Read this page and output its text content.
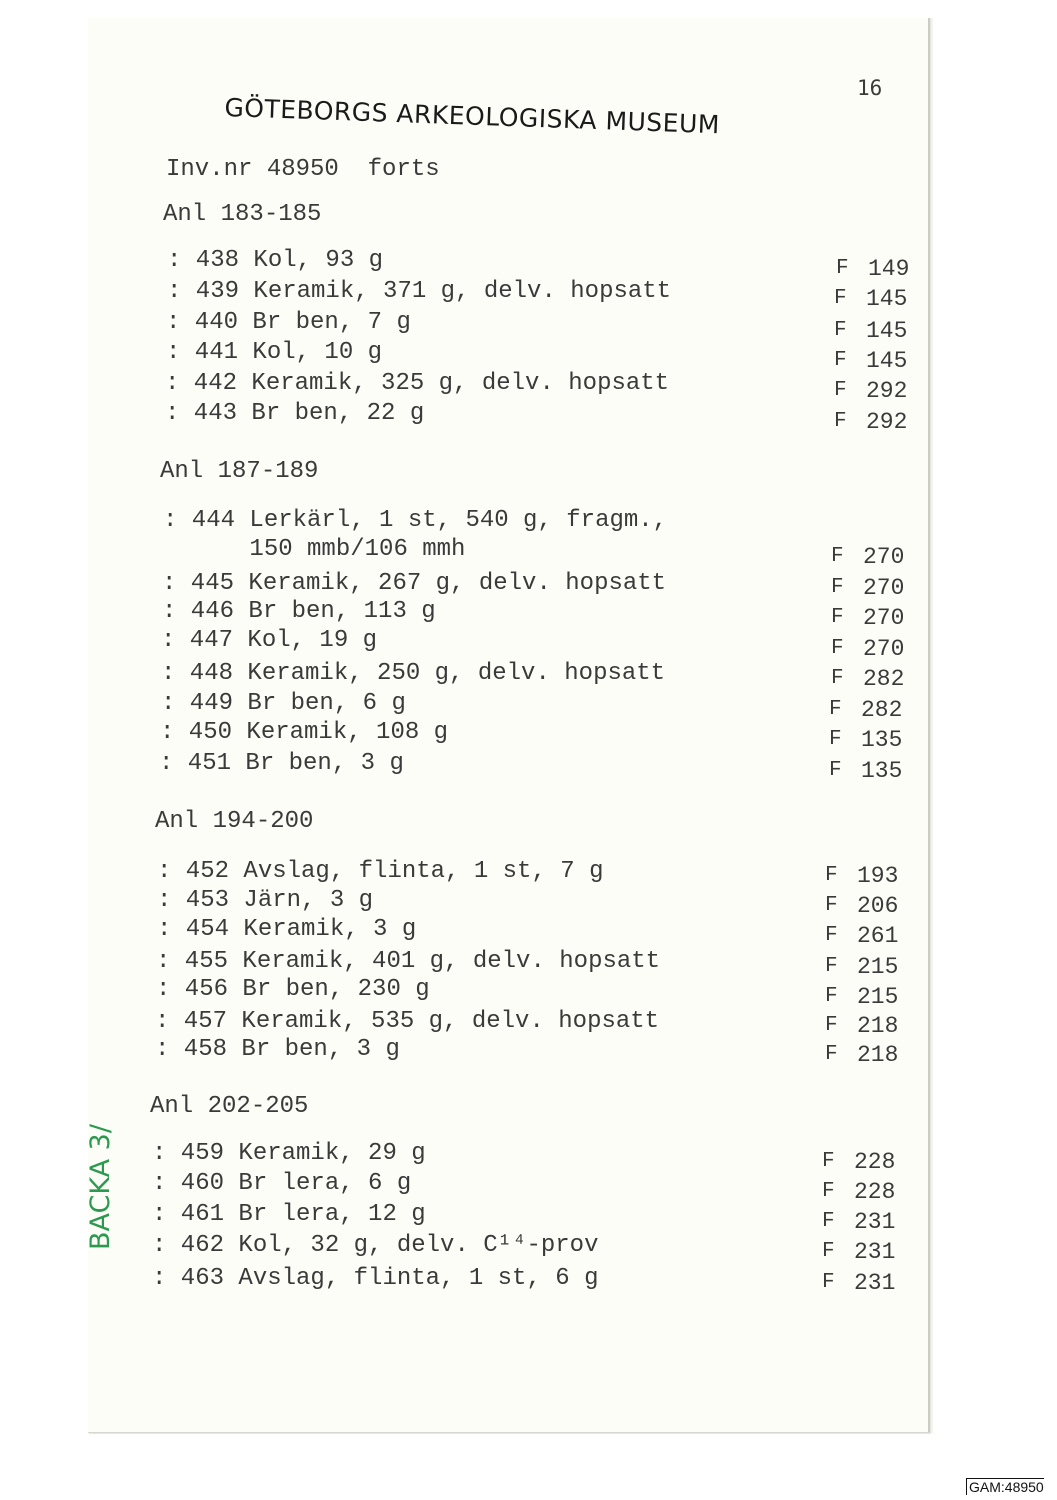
GÖTEBORGS ARKEOLOGISKA MUSEUM
16
Inv.nr 48950  forts
Anl 183-185
: 438 Kol, 93 g
: 439 Keramik, 371 g, delv. hopsatt
: 440 Br ben, 7 g
: 441 Kol, 10 g
: 442 Keramik, 325 g, delv. hopsatt
: 443 Br ben, 22 g
F 149
F 145
F 145
F 145
F 292
F 292
Anl 187-189
: 444 Lerkärl, 1 st, 540 g, fragm.,
150 mmb/106 mmh
: 445 Keramik, 267 g, delv. hopsatt
: 446 Br ben, 113 g
: 447 Kol, 19 g
: 448 Keramik, 250 g, delv. hopsatt
: 449 Br ben, 6 g
: 450 Keramik, 108 g
: 451 Br ben, 3 g
F 270
F 270
F 270
F 270
F 282
F 282
F 135
F 135
Anl 194-200
: 452 Avslag, flinta, 1 st, 7 g
: 453 Järn, 3 g
: 454 Keramik, 3 g
: 455 Keramik, 401 g, delv. hopsatt
: 456 Br ben, 230 g
: 457 Keramik, 535 g, delv. hopsatt
: 458 Br ben, 3 g
F 193
F 206
F 261
F 215
F 215
F 218
F 218
Anl 202-205
: 459 Keramik, 29 g
: 460 Br lera, 6 g
: 461 Br lera, 12 g
: 462 Kol, 32 g, delv. C¹⁴-prov
: 463 Avslag, flinta, 1 st, 6 g
F 228
F 228
F 231
F 231
F 231
BACKA 3/
GAM:48950
